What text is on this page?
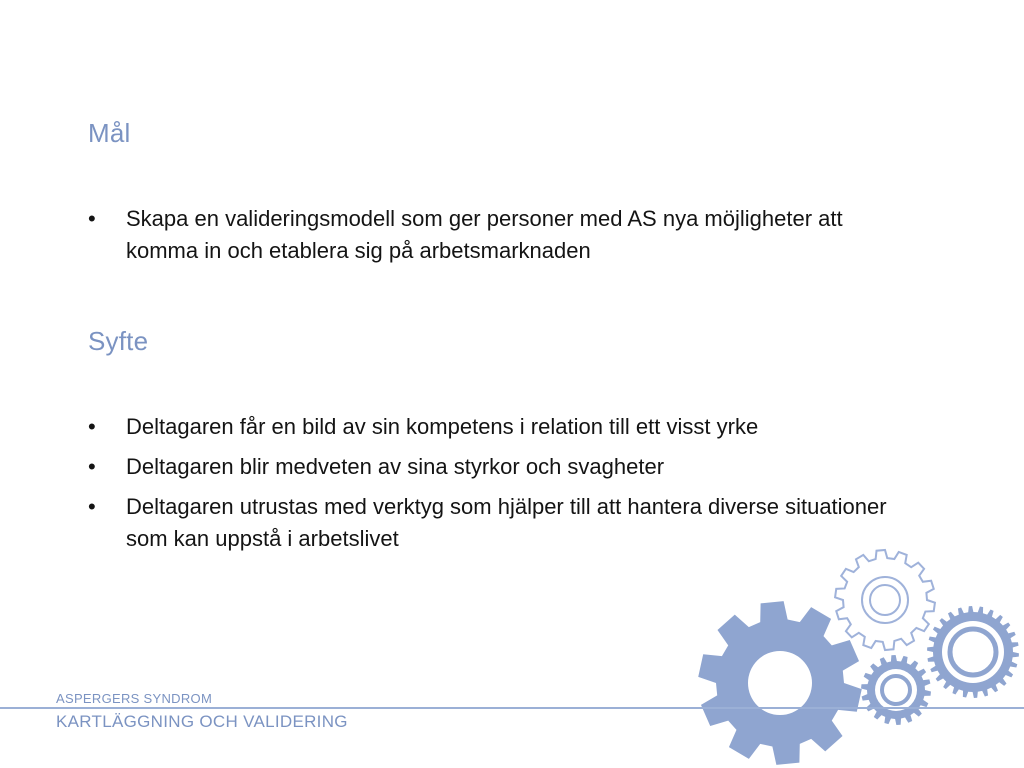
Mål
• Skapa en valideringsmodell som ger personer med AS nya möjligheter att komma in och etablera sig på arbetsmarknaden
Syfte
• Deltagaren får en bild av sin kompetens i relation till ett visst yrke
• Deltagaren blir medveten av sina styrkor och svagheter
• Deltagaren utrustas med verktyg som hjälper till att hantera diverse situationer som kan uppstå i arbetslivet
ASPERGERS SYNDROM
KARTLÄGGNING OCH VALIDERING
